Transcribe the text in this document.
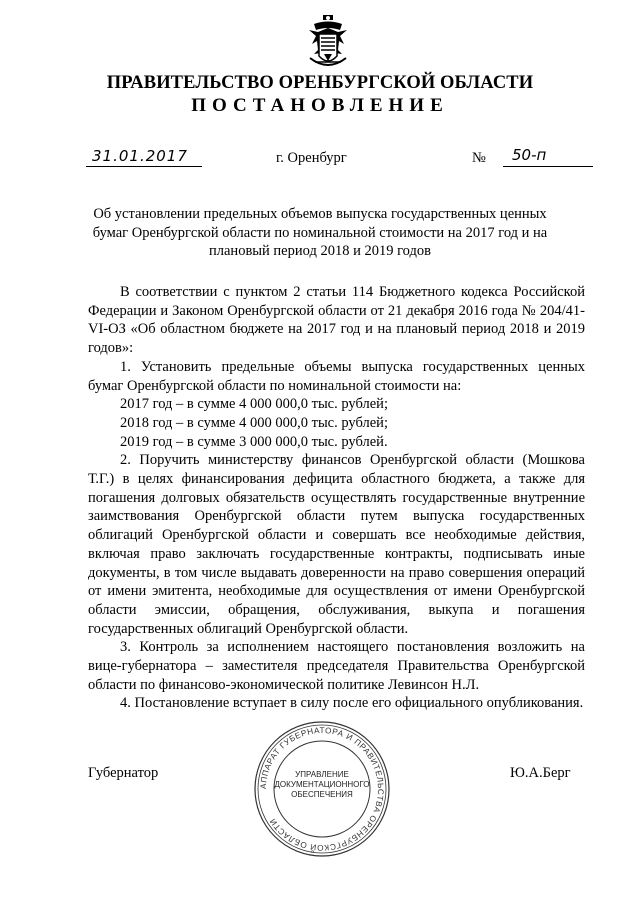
ПРАВИТЕЛЬСТВО ОРЕНБУРГСКОЙ ОБЛАСТИ
ПОСТАНОВЛЕНИЕ
31.01.2017	г. Оренбург	№ 50-п
Об установлении предельных объемов выпуска государственных ценных бумаг Оренбургской области по номинальной стоимости на 2017 год и на плановый период 2018 и 2019 годов

В соответствии с пунктом 2 статьи 114 Бюджетного кодекса Российской Федерации и Законом Оренбургской области от 21 декабря 2016 года № 204/41-VI-ОЗ «Об областном бюджете на 2017 год и на плановый период 2018 и 2019 годов»:

1. Установить предельные объемы выпуска государственных ценных бумаг Оренбургской области по номинальной стоимости на:

2017 год – в сумме 4 000 000,0 тыс. рублей;

2018 год – в сумме 4 000 000,0 тыс. рублей;

2019 год – в сумме 3 000 000,0 тыс. рублей.

2. Поручить министерству финансов Оренбургской области (Мошкова Т.Г.) в целях финансирования дефицита областного бюджета, а также для погашения долговых обязательств осуществлять государственные внутренние заимствования Оренбургской области путем выпуска государственных облигаций Оренбургской области и совершать все необходимые действия, включая право заключать государственные контракты, подписывать иные документы, в том числе выдавать доверенности на право совершения операций от имени эмитента, необходимые для осуществления от имени Оренбургской области эмиссии, обращения, обслуживания, выкупа и погашения государственных облигаций Оренбургской области.

3. Контроль за исполнением настоящего постановления возложить на вице-губернатора – заместителя председателя Правительства Оренбургской области по финансово-экономической политике Левинсон Н.Л.

4. Постановление вступает в силу после его официального опубликования.

Губернатор	Ю.А.Берг
АППАРАТ ГУБЕРНАТОРА И ПРАВИТЕЛЬСТВА ОРЕНБУРГСКОЙ ОБЛАСТИ
УПРАВЛЕНИЕ
ДОКУМЕНТАЦИОННОГО
ОБЕСПЕЧЕНИЯ
